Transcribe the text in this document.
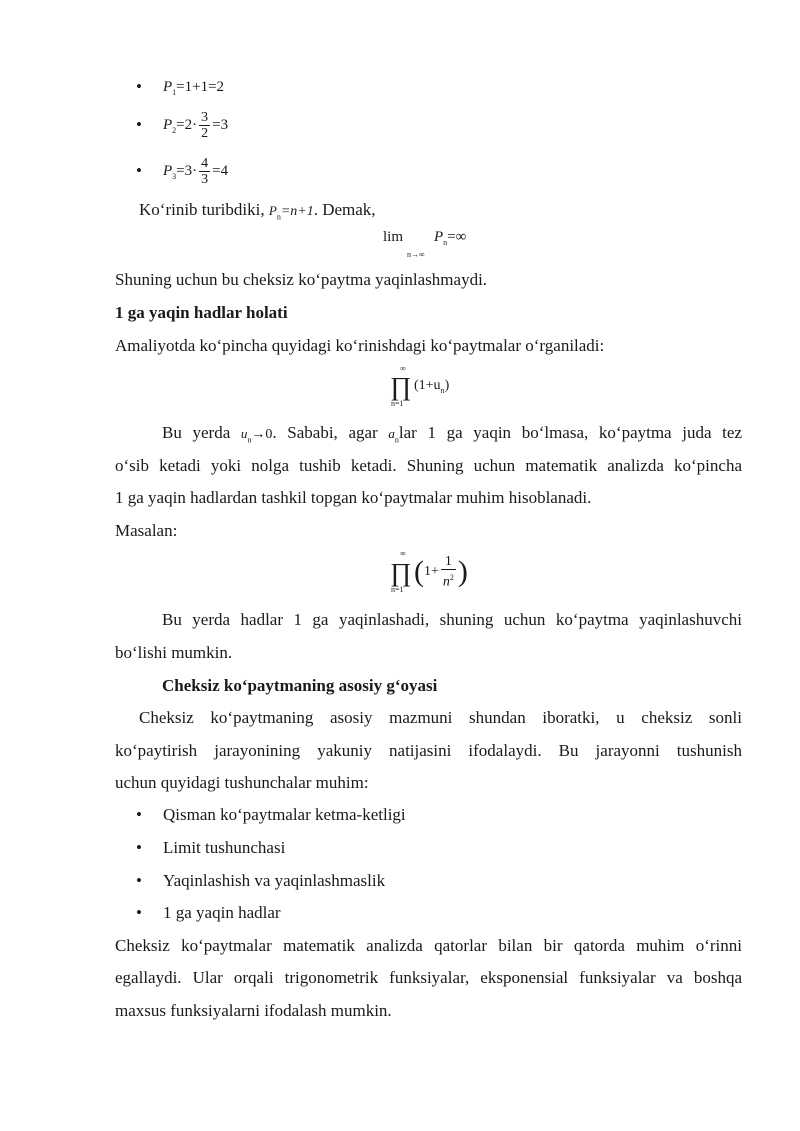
• $P_1=1+1=2$
• $P_2=2\cdot \frac{3}{2} =3$
• $P_3=3\cdot \frac{4}{3} =4$
Ko‘rinib turibdiki, $P_n=n+1$. Demak,
lim
n→∞
$P_n=\infty$
Shuning uchun bu cheksiz ko‘paytma yaqinlashmaydi.
1 ga yaqin hadlar holati
Amaliyotda ko‘pincha quyidagi ko‘rinishdagi ko‘paytmalar o‘rganiladi:
∞
∏
n=1
$(1+u_n)$
Bu yerda $u_n\to 0$. Sababi, agar $a_nlar$ 1 ga yaqin bo‘lmasa, ko‘paytma juda tez
o‘sib ketadi yoki nolga tushib ketadi. Shuning uchun matematik analizda ko‘pincha
1 ga yaqin hadlardan tashkil topgan ko‘paytmalar muhim hisoblanadi.
Masalan:
∞
∏
n=1
($1+ \frac{1}{n^2}$ )
Bu yerda hadlar 1 ga yaqinlashadi, shuning uchun ko‘paytma yaqinlashuvchi
bo‘lishi mumkin.
Cheksiz ko‘paytmaning asosiy g‘oyasi
Cheksiz ko‘paytmaning asosiy mazmuni shundan iboratki, u cheksiz sonli
ko‘paytirish jarayonining yakuniy natijasini ifodalaydi. Bu jarayonni tushunish
uchun quyidagi tushunchalar muhim:
• Qisman ko‘paytmalar ketma-ketligi
• Limit tushunchasi
• Yaqinlashish va yaqinlashmaslik
• 1 ga yaqin hadlar
Cheksiz ko‘paytmalar matematik analizda qatorlar bilan bir qatorda muhim o‘rinni
egallaydi. Ular orqali trigonometrik funksiyalar, eksponensial funksiyalar va boshqa
maxsus funksiyalarni ifodalash mumkin.
